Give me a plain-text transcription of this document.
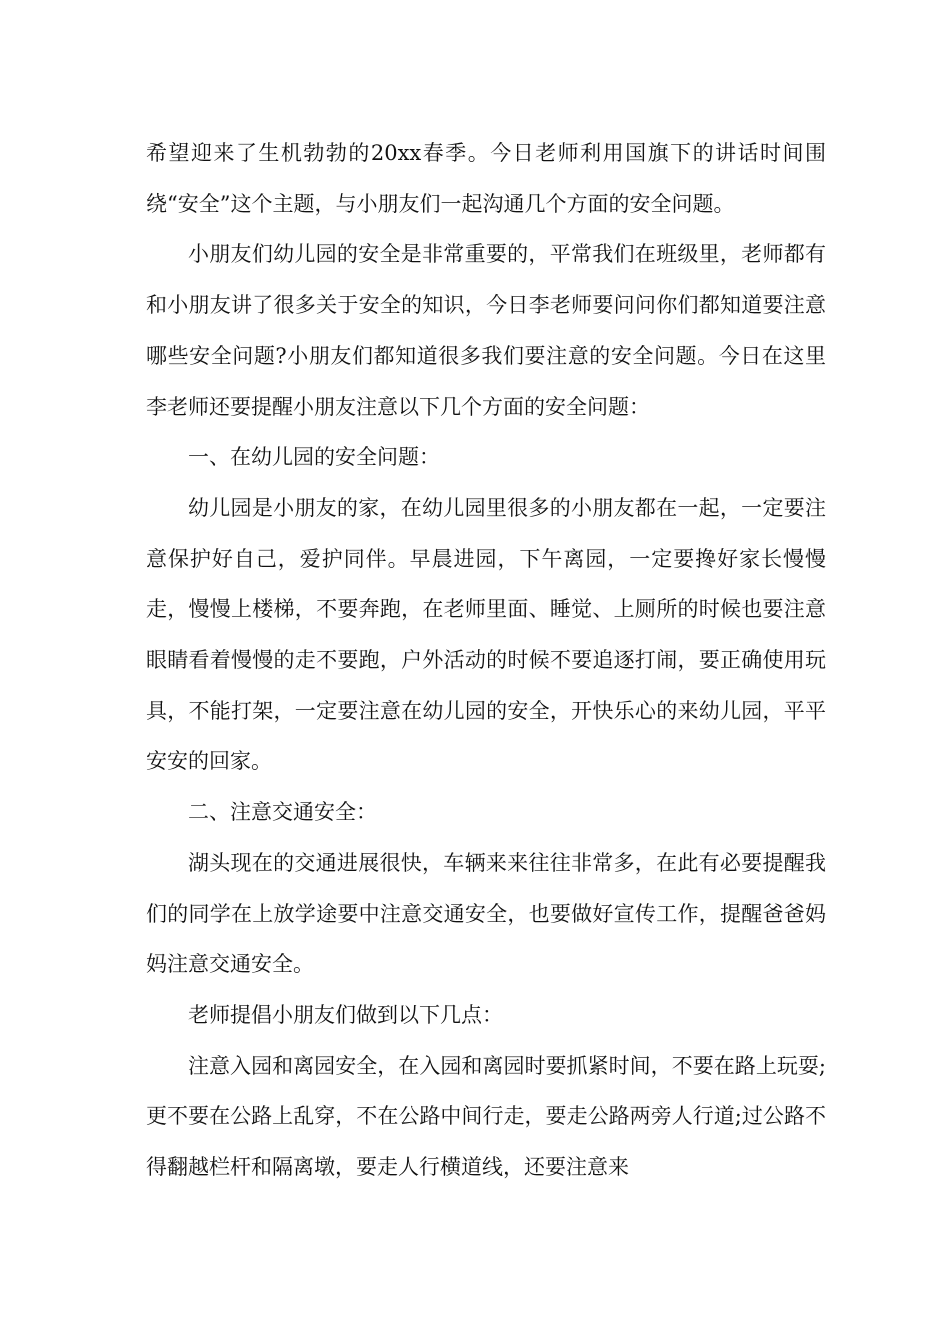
希望迎来了生机勃勃的20xx春季。今日老师利用国旗下的讲话时间围绕“安全”这个主题，与小朋友们一起沟通几个方面的安全问题。

小朋友们幼儿园的安全是非常重要的，平常我们在班级里，老师都有和小朋友讲了很多关于安全的知识，今日李老师要问问你们都知道要注意哪些安全问题?小朋友们都知道很多我们要注意的安全问题。今日在这里李老师还要提醒小朋友注意以下几个方面的安全问题：

一、在幼儿园的安全问题：

幼儿园是小朋友的家，在幼儿园里很多的小朋友都在一起，一定要注意保护好自己，爱护同伴。早晨进园，下午离园，一定要搀好家长慢慢走，慢慢上楼梯，不要奔跑，在老师里面、睡觉、上厕所的时候也要注意眼睛看着慢慢的走不要跑，户外活动的时候不要追逐打闹，要正确使用玩具，不能打架，一定要注意在幼儿园的安全，开快乐心的来幼儿园，平平安安的回家。

二、注意交通安全：

湖头现在的交通进展很快，车辆来来往往非常多，在此有必要提醒我们的同学在上放学途要中注意交通安全，也要做好宣传工作，提醒爸爸妈妈注意交通安全。

老师提倡小朋友们做到以下几点：

注意入园和离园安全，在入园和离园时要抓紧时间，不要在路上玩耍;更不要在公路上乱穿，不在公路中间行走，要走公路两旁人行道;过公路不得翻越栏杆和隔离墩，要走人行横道线，还要注意来
